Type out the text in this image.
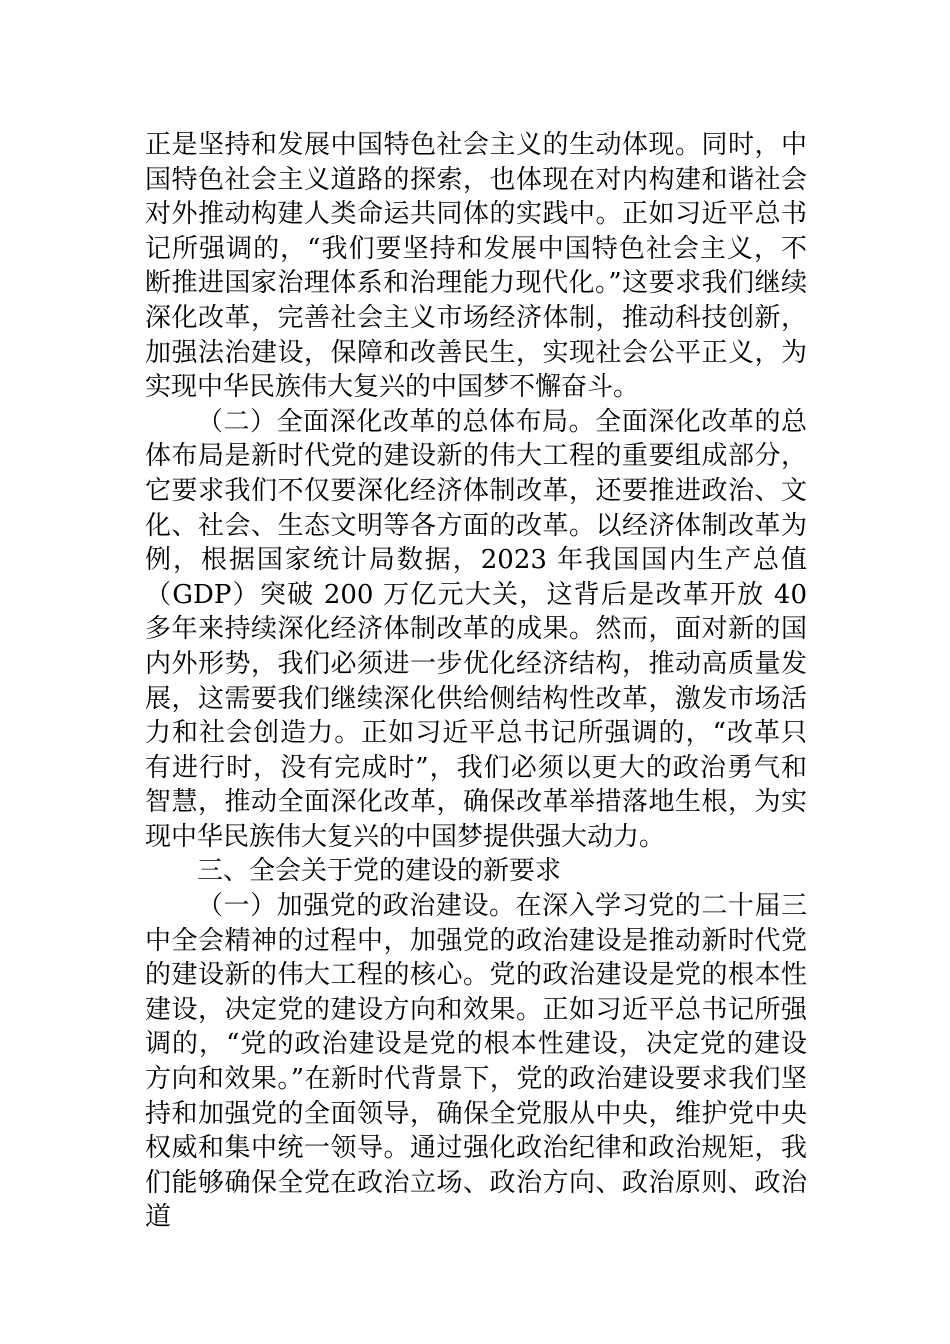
正是坚持和发展中国特色社会主义的生动体现。同时，中国特色社会主义道路的探索，也体现在对内构建和谐社会对外推动构建人类命运共同体的实践中。正如习近平总书记所强调的，“我们要坚持和发展中国特色社会主义，不断推进国家治理体系和治理能力现代化。”这要求我们继续深化改革，完善社会主义市场经济体制，推动科技创新，加强法治建设，保障和改善民生，实现社会公平正义，为实现中华民族伟大复兴的中国梦不懈奋斗。

（二）全面深化改革的总体布局。全面深化改革的总体布局是新时代党的建设新的伟大工程的重要组成部分，它要求我们不仅要深化经济体制改革，还要推进政治、文化、社会、生态文明等各方面的改革。以经济体制改革为例，根据国家统计局数据，2023 年我国国内生产总值（GDP）突破 200 万亿元大关，这背后是改革开放 40 多年来持续深化经济体制改革的成果。然而，面对新的国内外形势，我们必须进一步优化经济结构，推动高质量发展，这需要我们继续深化供给侧结构性改革，激发市场活力和社会创造力。正如习近平总书记所强调的，“改革只有进行时，没有完成时”，我们必须以更大的政治勇气和智慧，推动全面深化改革，确保改革举措落地生根，为实现中华民族伟大复兴的中国梦提供强大动力。

三、全会关于党的建设的新要求

（一）加强党的政治建设。在深入学习党的二十届三中全会精神的过程中，加强党的政治建设是推动新时代党的建设新的伟大工程的核心。党的政治建设是党的根本性建设，决定党的建设方向和效果。正如习近平总书记所强调的，“党的政治建设是党的根本性建设，决定党的建设方向和效果。”在新时代背景下，党的政治建设要求我们坚持和加强党的全面领导，确保全党服从中央，维护党中央权威和集中统一领导。通过强化政治纪律和政治规矩，我们能够确保全党在政治立场、政治方向、政治原则、政治道
